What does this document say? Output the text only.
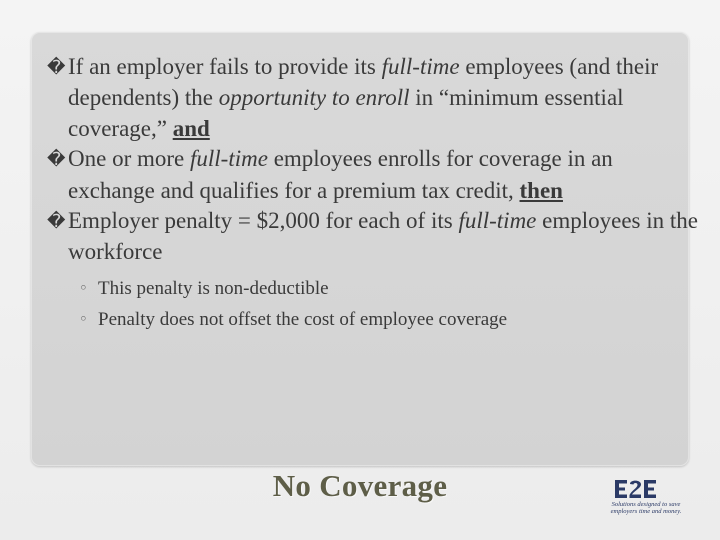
� If an employer fails to provide its full-time employees (and their dependents) the opportunity to enroll in “minimum essential coverage,” and

� One or more full-time employees enrolls for coverage in an exchange and qualifies for a premium tax credit, then

� Employer penalty = $2,000 for each of its full-time employees in the workforce

◦ This penalty is non-deductible

◦ Penalty does not offset the cost of employee coverage

No Coverage
Solutions designed to save employers time and money.
